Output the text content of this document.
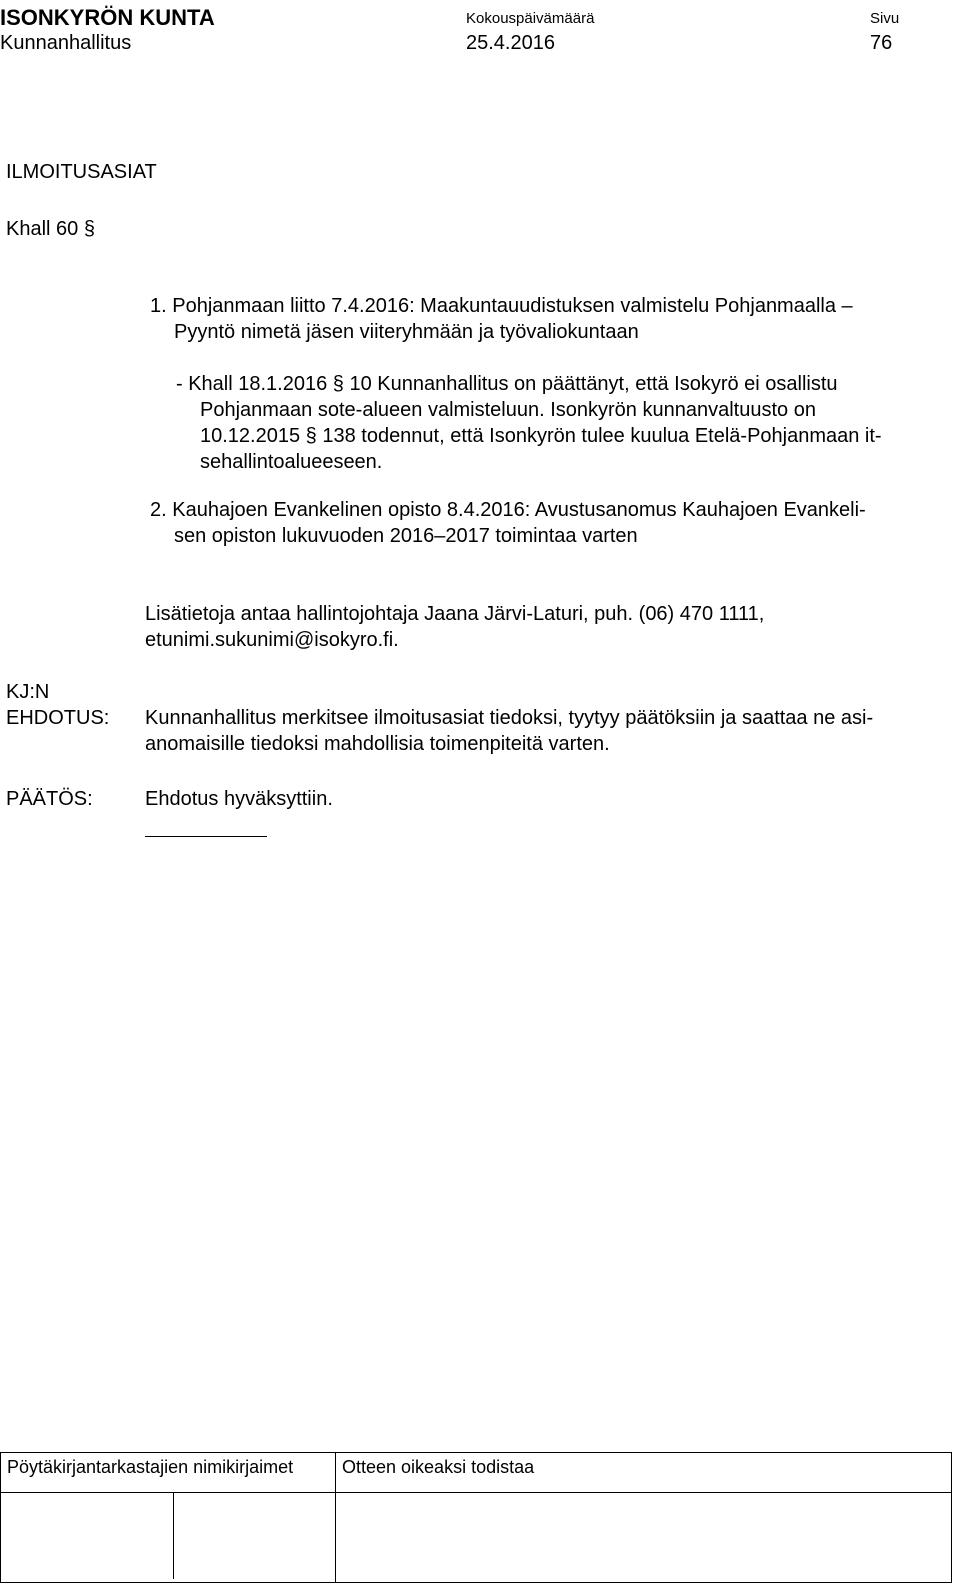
ISONKYRÖN KUNTA
Kunnanhallitus
Kokouspäivämäärä
25.4.2016
Sivu
76
ILMOITUSASIAT
Khall 60 §
1. Pohjanmaan liitto 7.4.2016: Maakuntauudistuksen valmistelu Pohjanmaalla –
Pyyntö nimetä jäsen viiteryhmään ja työvaliokuntaan
- Khall 18.1.2016 § 10 Kunnanhallitus on päättänyt, että Isokyrö ei osallistu
Pohjanmaan sote-alueen valmisteluun. Isonkyrön kunnanvaltuusto on
10.12.2015 § 138 todennut, että Isonkyrön tulee kuulua Etelä-Pohjanmaan it-
sehallintoalueeseen.
2. Kauhajoen Evankelinen opisto 8.4.2016: Avustusanomus Kauhajoen Evankeli-
sen opiston lukuvuoden 2016–2017 toimintaa varten
Lisätietoja antaa hallintojohtaja Jaana Järvi-Laturi, puh. (06) 470 1111,
etunimi.sukunimi@isokyro.fi.
KJ:N
EHDOTUS: Kunnanhallitus merkitsee ilmoitusasiat tiedoksi, tyytyy päätöksiin ja saattaa ne asi-
anomaisille tiedoksi mahdollisia toimenpiteitä varten.
PÄÄTÖS:	Ehdotus hyväksyttiin.
Pöytäkirjantarkastajien nimikirjaimet	Otteen oikeaksi todistaa
